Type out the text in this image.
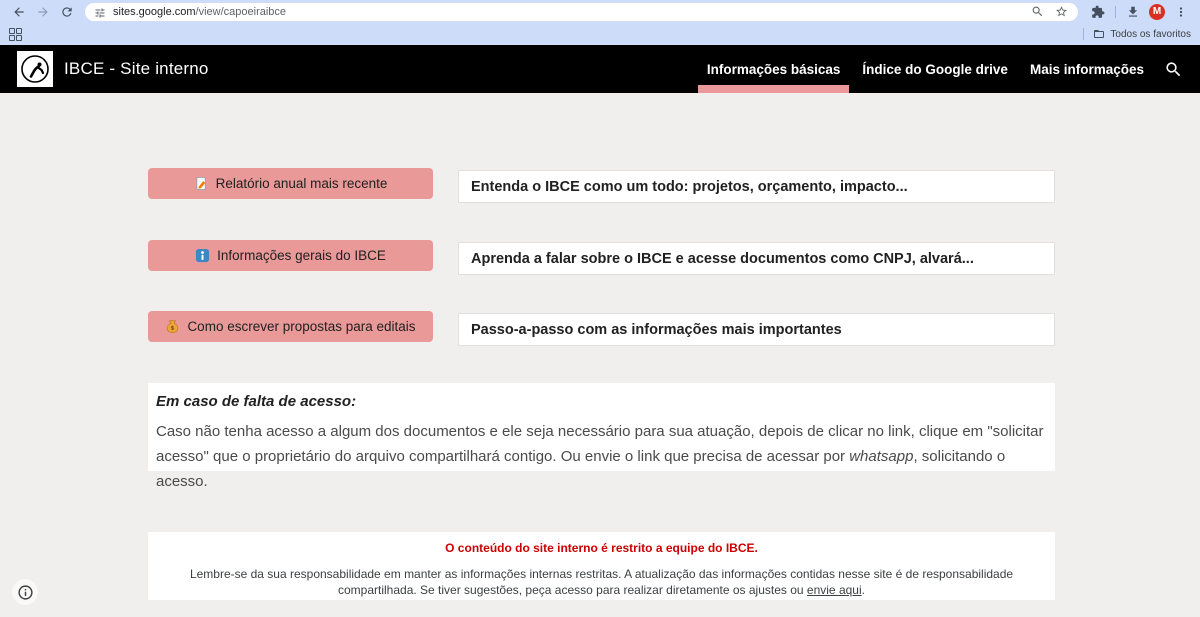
sites.google.com/view/capoeiraibce	M
Todos os favoritos
IBCE - Site interno	Informações básicas	Índice do Google drive	Mais informações
Relatório anual mais recente	Entenda o IBCE como um todo: projetos, orçamento, impacto...
Informações gerais do IBCE	Aprenda a falar sobre o IBCE e acesse documentos como CNPJ, alvará...
Como escrever propostas para editais	Passo-a-passo com as informações mais importantes
Em caso de falta de acesso:
Caso não tenha acesso a algum dos documentos e ele seja necessário para sua atuação, depois de clicar no link, clique em "solicitar acesso" que o proprietário do arquivo compartilhará contigo. Ou envie o link que precisa de acessar por whatsapp, solicitando o acesso.
O conteúdo do site interno é restrito a equipe do IBCE.
Lembre-se da sua responsabilidade em manter as informações internas restritas. A atualização das informações contidas nesse site é de responsabilidade compartilhada. Se tiver sugestões, peça acesso para realizar diretamente os ajustes ou envie aqui.
